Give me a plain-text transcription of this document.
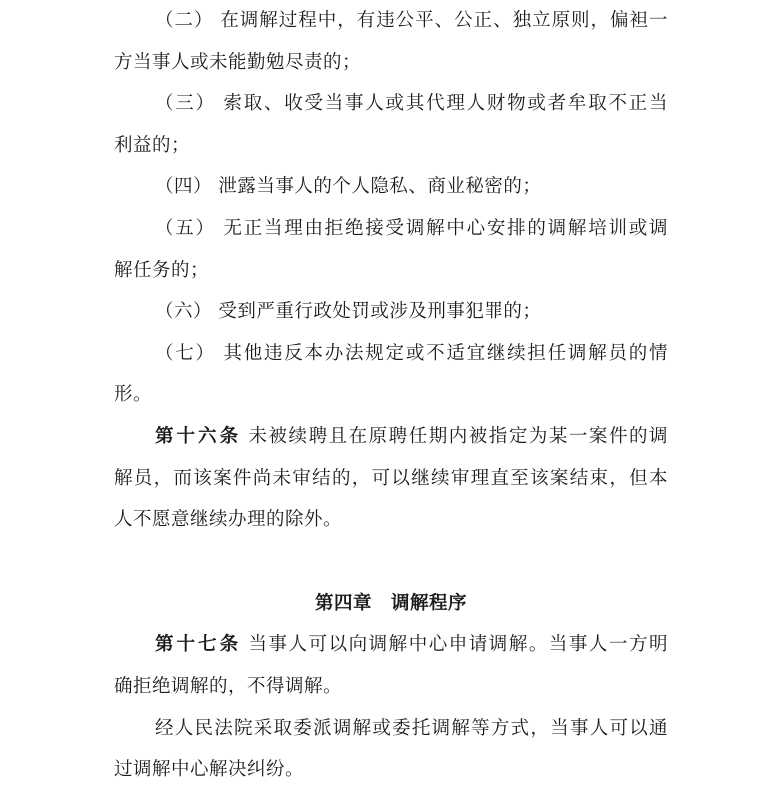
（二） 在调解过程中，有违公平、公正、独立原则，偏袒一
方当事人或未能勤勉尽责的；
（三） 索取、收受当事人或其代理人财物或者牟取不正当
利益的；
（四） 泄露当事人的个人隐私、商业秘密的；
（五） 无正当理由拒绝接受调解中心安排的调解培训或调
解任务的；
（六） 受到严重行政处罚或涉及刑事犯罪的；
（七） 其他违反本办法规定或不适宜继续担任调解员的情
形。
第十六条 未被续聘且在原聘任期内被指定为某一案件的调
解员，而该案件尚未审结的，可以继续审理直至该案结束，但本
人不愿意继续办理的除外。
第四章　调解程序
第十七条 当事人可以向调解中心申请调解。当事人一方明
确拒绝调解的，不得调解。
经人民法院采取委派调解或委托调解等方式，当事人可以通
过调解中心解决纠纷。
